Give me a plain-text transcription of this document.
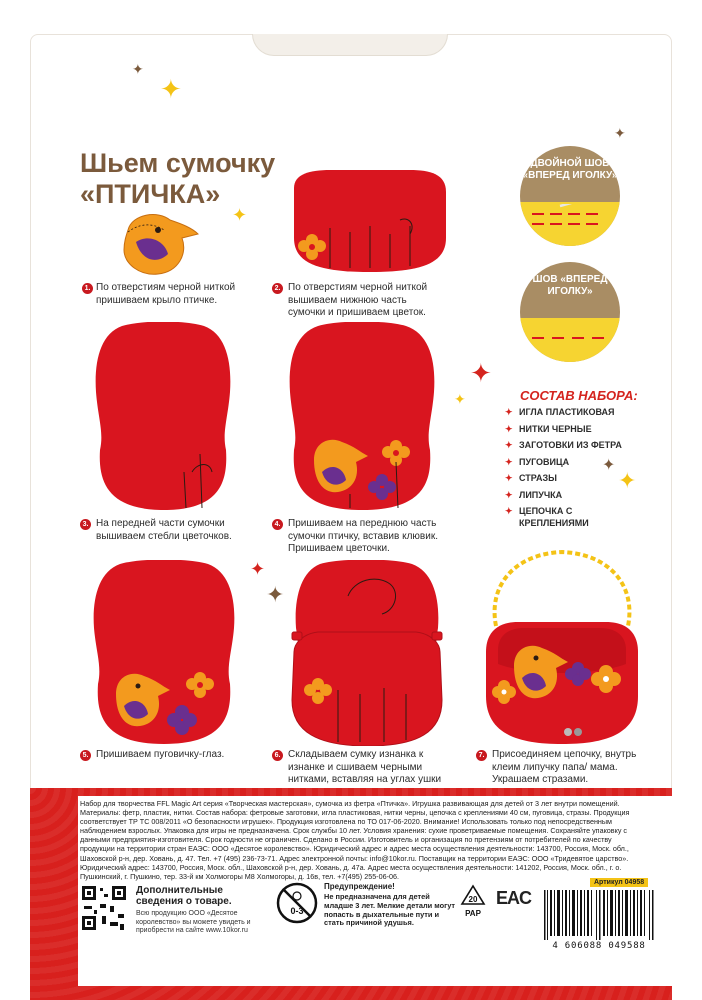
✦
✦
✦
✦
✦
✦
✦
✦
✦
✦
Шьем сумочку
«ПТИЧКА»
1. По отверстиям черной ниткой пришиваем крыло птичке.
2. По отверстиям черной ниткой вышиваем нижнюю часть сумочки и пришиваем цветок.
3. На передней части сумочки вышиваем стебли цветочков.
4. Пришиваем на переднюю часть сумочки птичку, вставив клювик. Пришиваем цветочки.
5. Пришиваем пуговичку-глаз.	6. Складываем сумку изнанка к изнанке и сшиваем черными нитками, вставляя на углах ушки
7. Присоединяем цепочку, внутрь клеим липучку папа/ мама. Украшаем стразами.
ДВОЙНОЙ ШОВ «ВПЕРЕД ИГОЛКУ»
ШОВ «ВПЕРЕД ИГОЛКУ»
СОСТАВ НАБОРА:
✦ ИГЛА ПЛАСТИКОВАЯ
✦ НИТКИ ЧЕРНЫЕ
✦ ЗАГОТОВКИ ИЗ ФЕТРА
✦ ПУГОВИЦА
✦ СТРАЗЫ
✦ ЛИПУЧКА
✦ ЦЕПОЧКА С КРЕПЛЕНИЯМИ
Набор для творчества FFL Magic Art серия «Творческая мастерская», сумочка из фетра «Птичка». Игрушка развивающая для детей от 3 лет внутри помещений. Материалы: фетр, пластик, нитки. Состав набора: фетровые заготовки, игла пластиковая, нитки черны, цепочка с креплениями 40 см, пуговица, стразы. Продукция соответствует ТР ТС 008/2011 «О безопасности игрушек». Продукция изготовлена по ТО 017-06-2020. Внимание! Использовать только под непосредственным наблюдением взрослых. Упаковка для игры не предназначена. Срок службы 10 лет. Условия хранения: сухие проветриваемые помещения. Сохраняйте упаковку с данными предприятия-изготовителя. Срок годности не ограничен. Сделано в России. Изготовитель и организация по претензиям от потребителей по качеству продукции на территории стран ЕАЭС: ООО «Десятое королевство». Юридический адрес и адрес места осуществления деятельности: 143700, Россия, Моск. обл., Шаховской р-н, дер. Ховань, д. 47. Тел. +7 (495) 236-73-71. Адрес электронной почты: info@10kor.ru. Поставщик на территории ЕАЭС: ООО «Тридевятое царство». Юридический адрес: 143700, Россия, Моск. обл., Шаховской р-н, дер. Ховань, д. 47а. Адрес места осуществления деятельности: 141202, Россия, Моск. обл., г. о. Пушкинский, г. Пушкино, тер. 33-й км Холмогоры М8 Холмогоры, д. 16в, тел. +7(495) 255-06-06.
Дополнительные сведения о товаре.
Всю продукцию ООО «Десятое королевство» вы можете увидеть и приобрести на сайте www.10kor.ru
0-3
Предупреждение!
Не предназначена для детей младше 3 лет. Мелкие детали могут попасть в дыхательные пути и стать причиной удушья.
20
PAP
EAC
Артикул 04958
4 606088 049588
